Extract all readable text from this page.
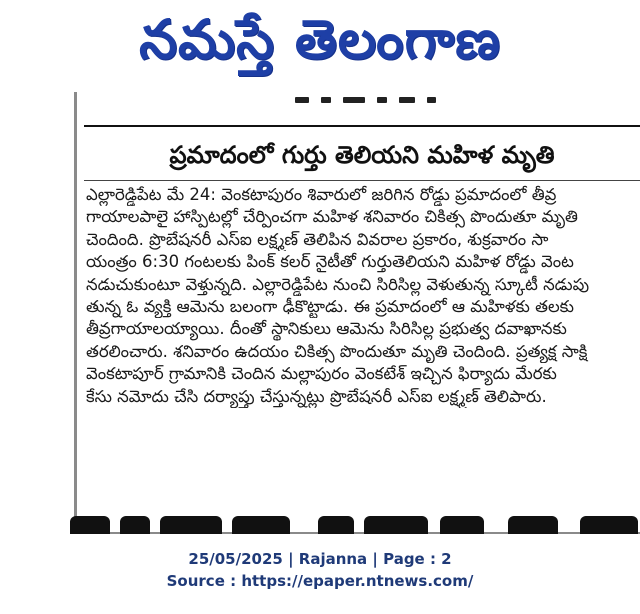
నమస్తే తెలంగాణ
ప్రమాదంలో గుర్తు తెలియని మహిళ మృతి
ఎల్లారెడ్డిపేట మే 24: వెంకటాపురం శివారులో జరిగిన రోడ్డు ప్రమాదంలో తీవ్ర
గాయాలపాలై హాస్పిటల్లో చేర్పించగా మహిళ శనివారం చికిత్స పొందుతూ మృతి
చెందింది. ప్రొబేషనరీ ఎస్ఐ లక్ష్మణ్ తెలిపిన వివరాల ప్రకారం, శుక్రవారం సా
యంత్రం 6:30 గంటలకు పింక్ కలర్ నైటీతో గుర్తుతెలియని మహిళ రోడ్డు వెంట
నడుచుకుంటూ వెళ్తున్నది. ఎల్లారెడ్డిపేట నుంచి సిరిసిల్ల వెళుతున్న స్కూటీ నడుపు
తున్న ఓ వ్యక్తి ఆమెను బలంగా ఢీకొట్టాడు. ఈ ప్రమాదంలో ఆ మహిళకు తలకు
తీవ్రగాయాలయ్యాయి. దీంతో స్థానికులు ఆమెను సిరిసిల్ల ప్రభుత్వ దవాఖానకు
తరలించారు. శనివారం ఉదయం చికిత్స పొందుతూ మృతి చెందింది. ప్రత్యక్ష సాక్షి
వెంకటాపూర్ గ్రామానికి చెందిన మల్లాపురం వెంకటేశ్ ఇచ్చిన ఫిర్యాదు మేరకు
కేసు నమోదు చేసి దర్యాప్తు చేస్తున్నట్లు ప్రొబేషనరీ ఎస్ఐ లక్ష్మణ్ తెలిపారు.
25/05/2025 | Rajanna | Page : 2
Source : https://epaper.ntnews.com/
